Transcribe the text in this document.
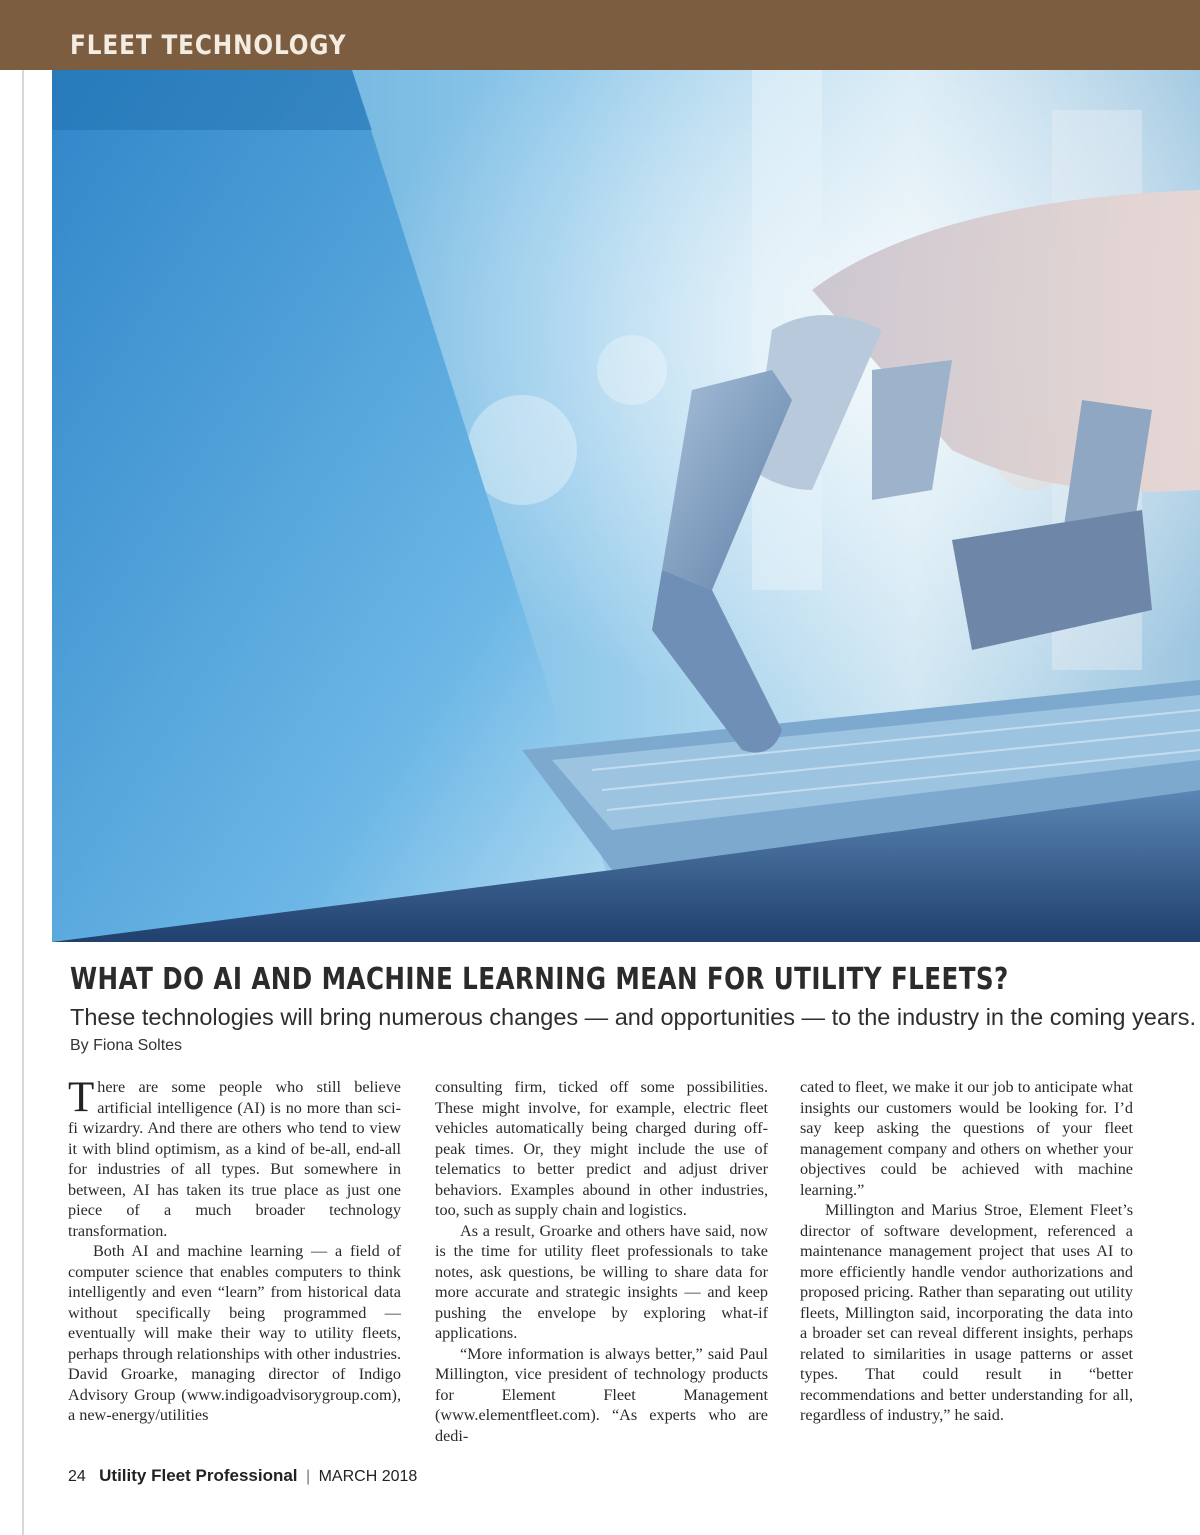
FLEET TECHNOLOGY
WHAT DO AI AND MACHINE LEARNING MEAN FOR UTILITY FLEETS?
These technologies will bring numerous changes — and opportunities — to the industry in the coming years.
By Fiona Soltes

There are some people who still believe artificial intelligence (AI) is no more than sci-fi wizardry. And there are others who tend to view it with blind optimism, as a kind of be-all, end-all for industries of all types. But somewhere in between, AI has taken its true place as just one piece of a much broader technology transformation.

Both AI and machine learning — a field of computer science that enables computers to think intelligently and even “learn” from historical data without specifically being programmed — eventually will make their way to utility fleets, perhaps through relationships with other industries. David Groarke, managing director of Indigo Advisory Group (www.indigoadvisorygroup.com), a new-energy/utilities

consulting firm, ticked off some possibilities. These might involve, for example, electric fleet vehicles automatically being charged during off-peak times. Or, they might include the use of telematics to better predict and adjust driver behaviors. Examples abound in other industries, too, such as supply chain and logistics.

As a result, Groarke and others have said, now is the time for utility fleet professionals to take notes, ask questions, be willing to share data for more accurate and strategic insights — and keep pushing the envelope by exploring what-if applications.

“More information is always better,” said Paul Millington, vice president of technology products for Element Fleet Management (www.elementfleet.com). “As experts who are dedi-

cated to fleet, we make it our job to anticipate what insights our customers would be looking for. I’d say keep asking the questions of your fleet management company and others on whether your objectives could be achieved with machine learning.”

Millington and Marius Stroe, Element Fleet’s director of software development, referenced a maintenance management project that uses AI to more efficiently handle vendor authorizations and proposed pricing. Rather than separating out utility fleets, Millington said, incorporating the data into a broader set can reveal different insights, perhaps related to similarities in usage patterns or asset types. That could result in “better recommendations and better understanding for all, regardless of industry,” he said.

24 Utility Fleet Professional | MARCH 2018
